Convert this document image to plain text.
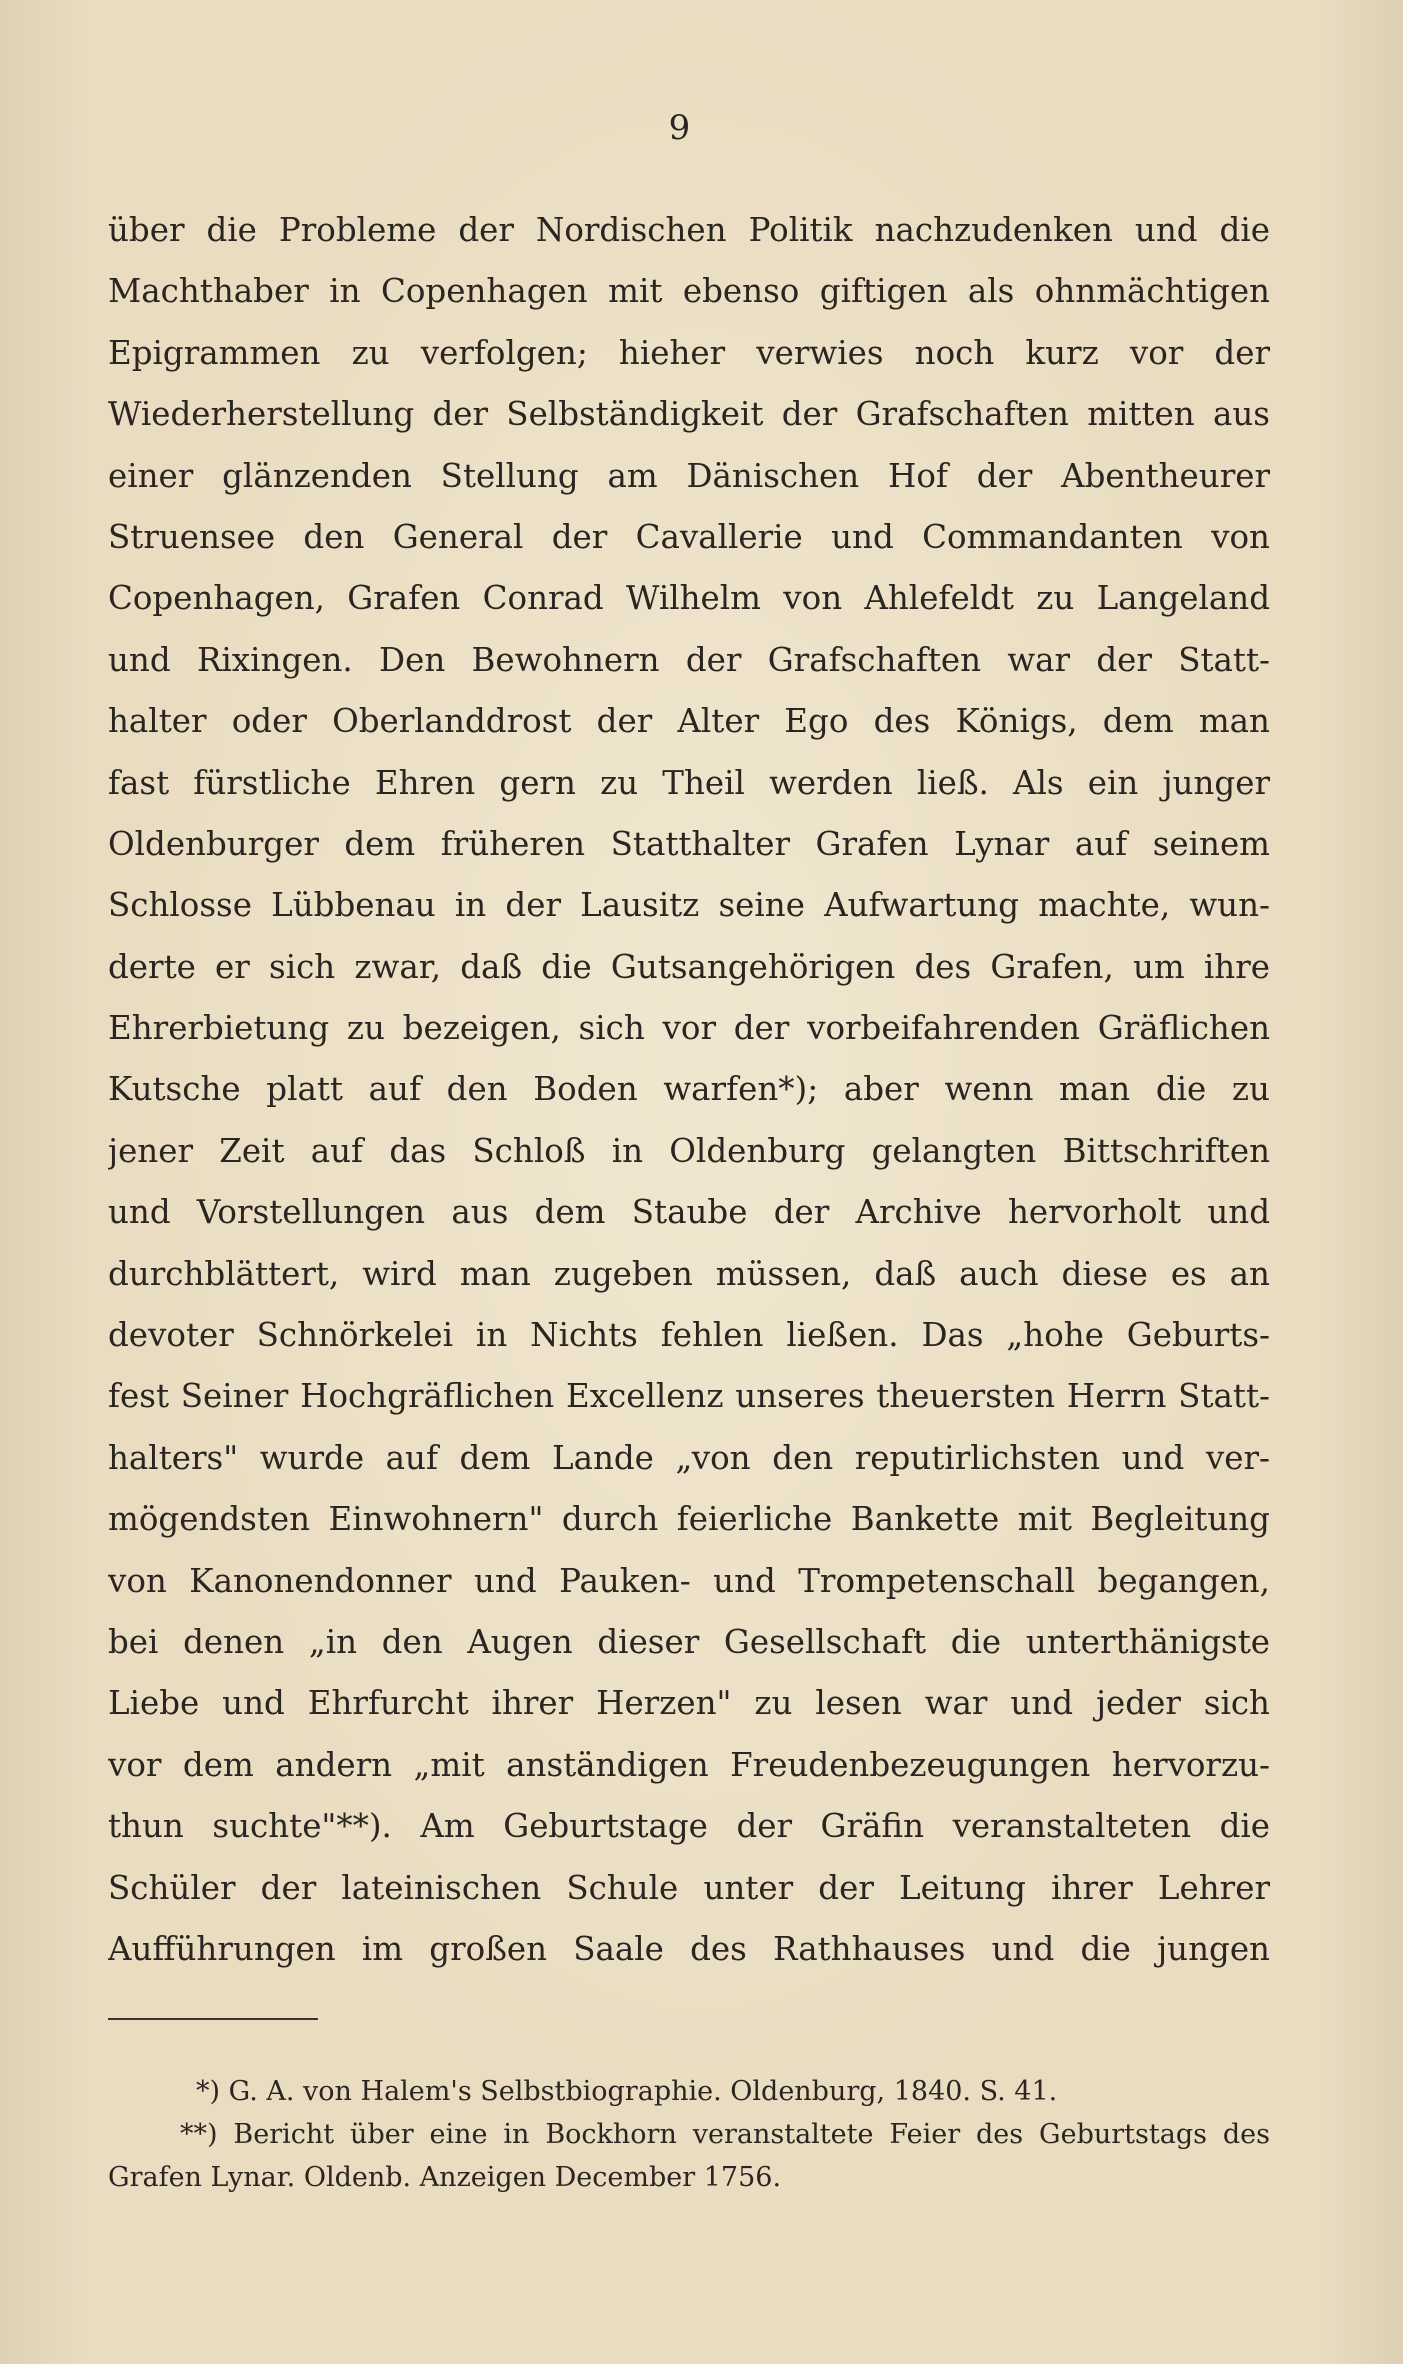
9
über die Probleme der Nordischen Politik nachzudenken und die
Machthaber in Copenhagen mit ebenso giftigen als ohnmächtigen
Epigrammen zu verfolgen; hieher verwies noch kurz vor der
Wiederherstellung der Selbständigkeit der Grafschaften mitten aus
einer glänzenden Stellung am Dänischen Hof der Abentheurer
Struensee den General der Cavallerie und Commandanten von
Copenhagen, Grafen Conrad Wilhelm von Ahlefeldt zu Langeland
und Rixingen. Den Bewohnern der Grafschaften war der Statt-
halter oder Oberlanddrost der Alter Ego des Königs, dem man
fast fürstliche Ehren gern zu Theil werden ließ. Als ein junger
Oldenburger dem früheren Statthalter Grafen Lynar auf seinem
Schlosse Lübbenau in der Lausitz seine Aufwartung machte, wun-
derte er sich zwar, daß die Gutsangehörigen des Grafen, um ihre
Ehrerbietung zu bezeigen, sich vor der vorbeifahrenden Gräflichen
Kutsche platt auf den Boden warfen*); aber wenn man die zu
jener Zeit auf das Schloß in Oldenburg gelangten Bittschriften
und Vorstellungen aus dem Staube der Archive hervorholt und
durchblättert, wird man zugeben müssen, daß auch diese es an
devoter Schnörkelei in Nichts fehlen ließen. Das „hohe Geburts-
fest Seiner Hochgräflichen Excellenz unseres theuersten Herrn Statt-
halters" wurde auf dem Lande „von den reputirlichsten und ver-
mögendsten Einwohnern" durch feierliche Bankette mit Begleitung
von Kanonendonner und Pauken- und Trompetenschall begangen,
bei denen „in den Augen dieser Gesellschaft die unterthänigste
Liebe und Ehrfurcht ihrer Herzen" zu lesen war und jeder sich
vor dem andern „mit anständigen Freudenbezeugungen hervorzu-
thun suchte"**). Am Geburtstage der Gräfin veranstalteten die
Schüler der lateinischen Schule unter der Leitung ihrer Lehrer
Aufführungen im großen Saale des Rathhauses und die jungen
*) G. A. von Halem's Selbstbiographie. Oldenburg, 1840. S. 41.
**) Bericht über eine in Bockhorn veranstaltete Feier des Geburtstags des
Grafen Lynar. Oldenb. Anzeigen December 1756.
